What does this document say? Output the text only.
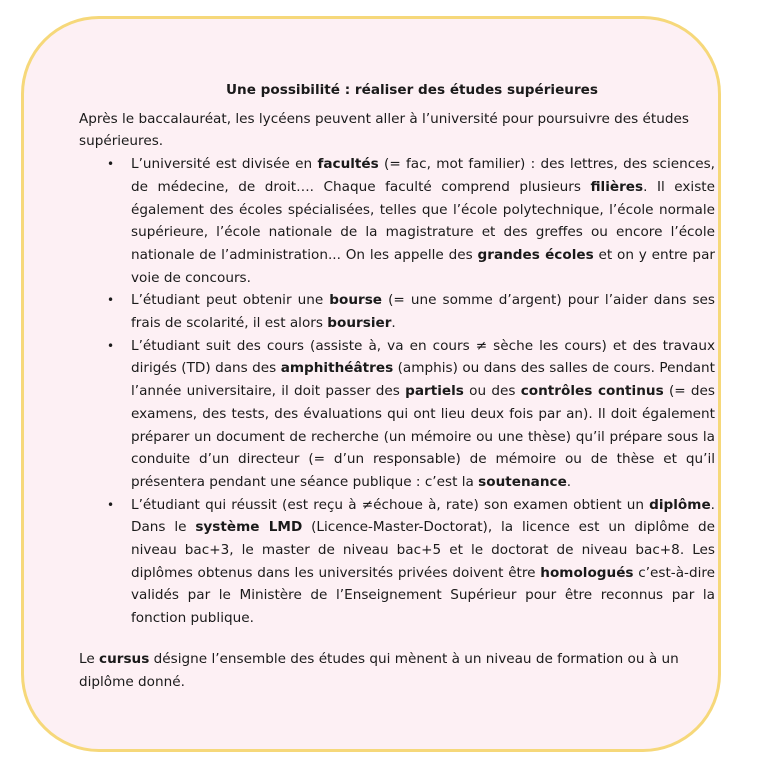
Une possibilité : réaliser des études supérieures

Après le baccalauréat, les lycéens peuvent aller à l’université pour poursuivre des études supérieures.

• L’université est divisée en facultés (= fac, mot familier) : des lettres, des sciences, de médecine, de droit…. Chaque faculté comprend plusieurs filières. Il existe également des écoles spécialisées, telles que l’école polytechnique, l’école normale supérieure, l’école nationale de la magistrature et des greffes ou encore l’école nationale de l’administration... On les appelle des grandes écoles et on y entre par voie de concours.
• L’étudiant peut obtenir une bourse (= une somme d’argent) pour l’aider dans ses frais de scolarité, il est alors boursier.
• L’étudiant suit des cours (assiste à, va en cours ≠ sèche les cours) et des travaux dirigés (TD) dans des amphithéâtres (amphis) ou dans des salles de cours. Pendant l’année universitaire, il doit passer des partiels ou des contrôles continus (= des examens, des tests, des évaluations qui ont lieu deux fois par an). Il doit également préparer un document de recherche (un mémoire ou une thèse) qu’il prépare sous la conduite d’un directeur (= d’un responsable) de mémoire ou de thèse et qu’il présentera pendant une séance publique : c’est la soutenance.
• L’étudiant qui réussit (est reçu à ≠échoue à, rate) son examen obtient un diplôme. Dans le système LMD (Licence-Master-Doctorat), la licence est un diplôme de niveau bac+3, le master de niveau bac+5 et le doctorat de niveau bac+8. Les diplômes obtenus dans les universités privées doivent être homologués c’est-à-dire validés par le Ministère de l’Enseignement Supérieur pour être reconnus par la fonction publique.

Le cursus désigne l’ensemble des études qui mènent à un niveau de formation ou à un diplôme donné.
